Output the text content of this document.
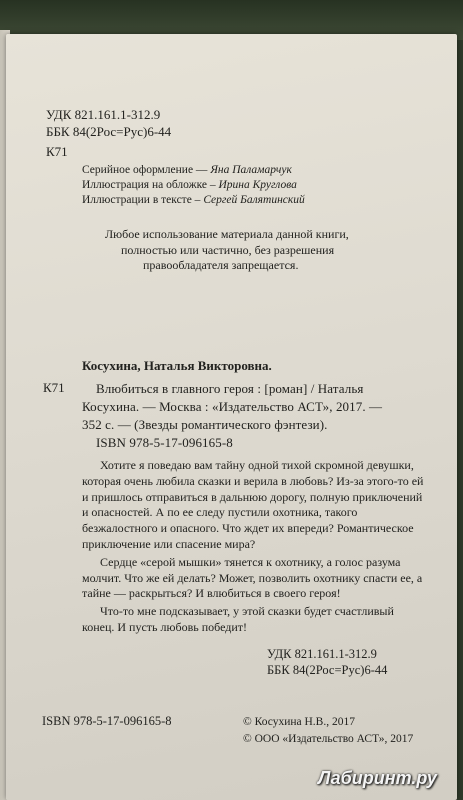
УДК 821.161.1-312.9
ББК 84(2Рос=Рус)6-44
К71
Серийное оформление — Яна Паламарчук
Иллюстрация на обложке – Ирина Круглова
Иллюстрации в тексте – Сергей Балятинский
Любое использование материала данной книги,
полностью или частично, без разрешения
правообладателя запрещается.
Косухина, Наталья Викторовна.
К71	Влюбиться в главного героя : [роман] / Наталья
Косухина. — Москва : «Издательство АСТ», 2017. —
352 с. — (Звезды романтического фэнтези).
ISBN 978-5-17-096165-8

Хотите я поведаю вам тайну одной тихой скромной девушки, которая очень любила сказки и верила в любовь? Из-за этого-то ей и пришлось отправиться в дальнюю дорогу, полную приключений и опасностей. А по ее следу пустили охотника, такого безжалостного и опасного. Что ждет их впереди? Романтическое приключение или спасение мира?

Сердце «серой мышки» тянется к охотнику, а голос разума молчит. Что же ей делать? Может, позволить охотнику спасти ее, а тайне — раскрыться? И влюбиться в своего героя!

Что-то мне подсказывает, у этой сказки будет счастливый конец. И пусть любовь победит!

УДК 821.161.1-312.9
ББК 84(2Рос=Рус)6-44
ISBN 978-5-17-096165-8	© Косухина Н.В., 2017
© ООО «Издательство АСТ», 2017
Лабиринт.ру
